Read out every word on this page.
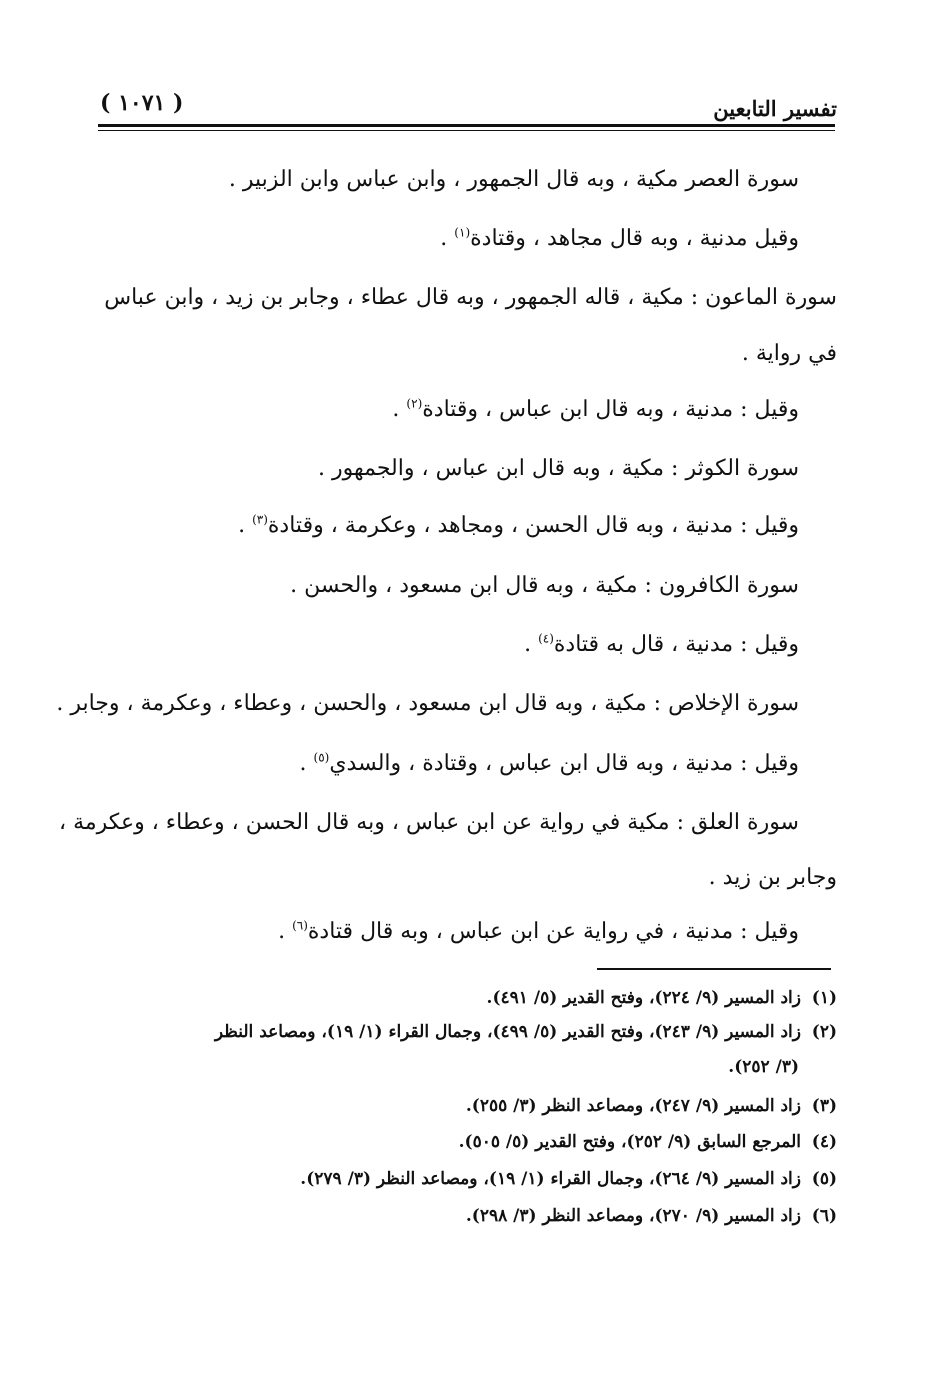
تفسير التابعين
( ١٠٧١ )
سورة العصر مكية ، وبه قال الجمهور ، وابن عباس وابن الزبير .
وقيل مدنية ، وبه قال مجاهد ، وقتادة$^{(١)}$ .
سورة الماعون : مكية ، قاله الجمهور ، وبه قال عطاء ، وجابر بن زيد ، وابن عباس
في رواية .
وقيل : مدنية ، وبه قال ابن عباس ، وقتادة$^{(٢)}$ .
سورة الكوثر : مكية ، وبه قال ابن عباس ، والجمهور .
وقيل : مدنية ، وبه قال الحسن ، ومجاهد ، وعكرمة ، وقتادة$^{(٣)}$ .
سورة الكافرون : مكية ، وبه قال ابن مسعود ، والحسن .
وقيل : مدنية ، قال به قتادة$^{(٤)}$ .
سورة الإخلاص : مكية ، وبه قال ابن مسعود ، والحسن ، وعطاء ، وعكرمة ، وجابر .
وقيل : مدنية ، وبه قال ابن عباس ، وقتادة ، والسدي$^{(٥)}$ .
سورة العلق : مكية في رواية عن ابن عباس ، وبه قال الحسن ، وعطاء ، وعكرمة ،
وجابر بن زيد .
وقيل : مدنية ، في رواية عن ابن عباس ، وبه قال قتادة$^{(٦)}$ .
(١)زاد المسير (٩/ ٢٢٤)، وفتح القدير (٥/ ٤٩١).
(٢)زاد المسير (٩/ ٢٤٣)، وفتح القدير (٥/ ٤٩٩)، وجمال القراء (١/ ١٩)، ومصاعد النظر
(٣/ ٢٥٢).
(٣)زاد المسير (٩/ ٢٤٧)، ومصاعد النظر (٣/ ٢٥٥).
(٤)المرجع السابق (٩/ ٢٥٢)، وفتح القدير (٥/ ٥٠٥).
(٥)زاد المسير (٩/ ٢٦٤)، وجمال القراء (١/ ١٩)، ومصاعد النظر (٣/ ٢٧٩).
(٦)زاد المسير (٩/ ٢٧٠)، ومصاعد النظر (٣/ ٢٩٨).
